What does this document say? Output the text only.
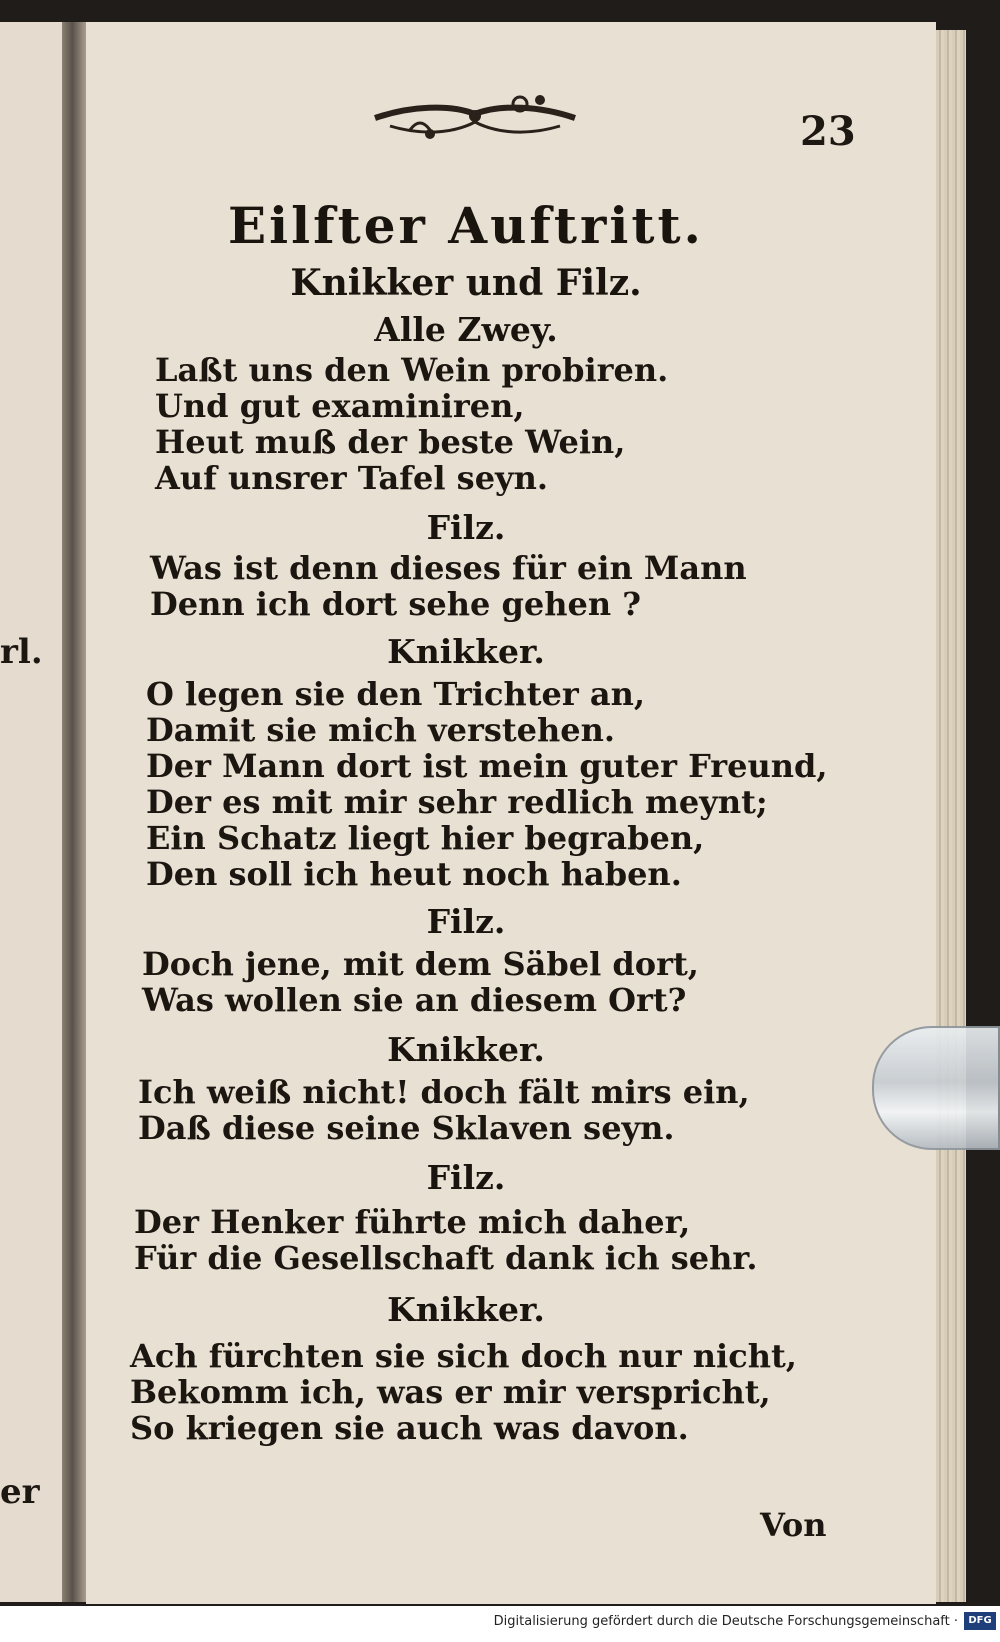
rl.
er
23
Eilfter Auftritt.
Knikker und Filz.
Alle Zwey.
Laßt uns den Wein probiren.
Und gut examiniren,
Heut muß der beste Wein,
Auf unsrer Tafel seyn.
Filz.
Was ist denn dieses für ein Mann
Denn ich dort sehe gehen ?
Knikker.
O legen sie den Trichter an,
Damit sie mich verstehen.
Der Mann dort ist mein guter Freund,
Der es mit mir sehr redlich meynt;
Ein Schatz liegt hier begraben,
Den soll ich heut noch haben.
Filz.
Doch jene, mit dem Säbel dort,
Was wollen sie an diesem Ort?
Knikker.
Ich weiß nicht! doch fält mirs ein,
Daß diese seine Sklaven seyn.
Filz.
Der Henker führte mich daher,
Für die Gesellschaft dank ich sehr.
Knikker.
Ach fürchten sie sich doch nur nicht,
Bekomm ich, was er mir verspricht,
So kriegen sie auch was davon.
Von
Digitalisierung gefördert durch die Deutsche Forschungsgemeinschaft ·	DFG
